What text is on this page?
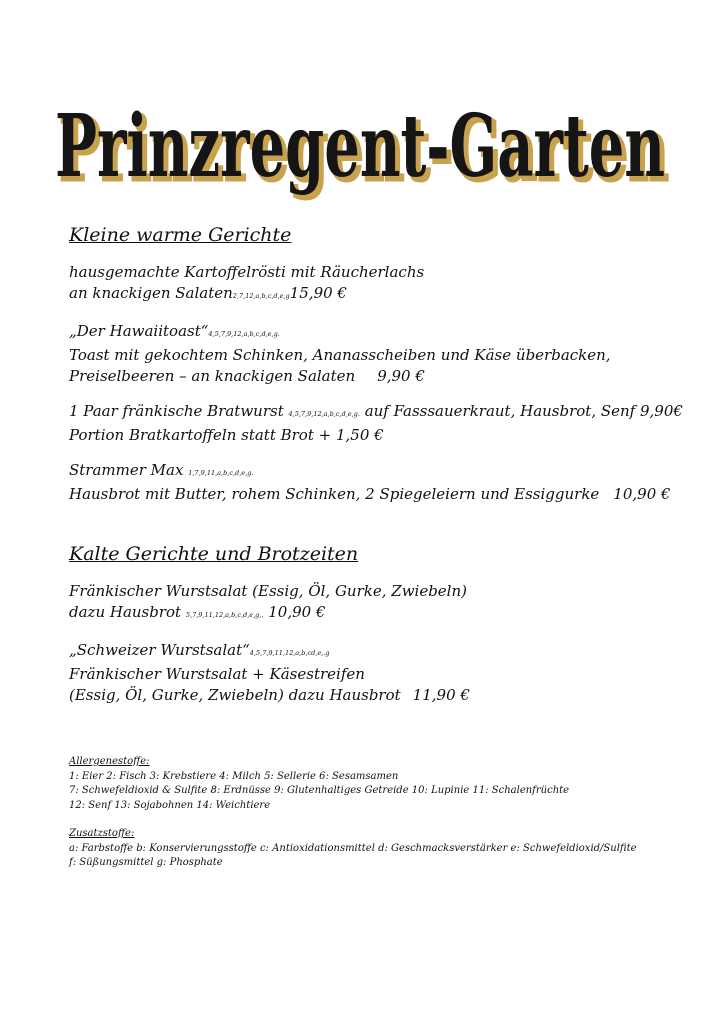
Prinzregent-Garten
Prinzregent-Garten
Kleine warme Gerichte
hausgemachte Kartoffelrösti mit Räucherlachs
an knackigen Salaten2,7,12,a,b,c,d,e,g15,90 €
„Der Hawaiitoast“4,5,7,9,12,a,b,c,d,e,g.
Toast mit gekochtem Schinken, Ananasscheiben und Käse überbacken,
Preiselbeeren – an knackigen Salaten 9,90 €
1 Paar fränkische Bratwurst 4,5,7,9,12,a,b,c,d,e,g. auf Fasssauerkraut, Hausbrot, Senf 9,90€
Portion Bratkartoffeln statt Brot + 1,50 €
Strammer Max 1,7,9,11,a,b,c,d,e,g.
Hausbrot mit Butter, rohem Schinken, 2 Spiegeleiern und Essiggurke 10,90 €
Kalte Gerichte und Brotzeiten
Fränkischer Wurstsalat (Essig, Öl, Gurke, Zwiebeln)
dazu Hausbrot 5,7,9,11,12,a,b,c,d,e,g,. 10,90 €
„Schweizer Wurstsalat“4,5,7,9,11,12,a,b,cd,e,.g
Fränkischer Wurstsalat + Käsestreifen
(Essig, Öl, Gurke, Zwiebeln) dazu Hausbrot 11,90 €
Allergenestoffe:
1: Eier 2: Fisch 3: Krebstiere 4: Milch 5: Sellerie 6: Sesamsamen
7: Schwefeldioxid & Sulfite 8: Erdnüsse 9: Glutenhaltiges Getreide 10: Lupinie 11: Schalenfrüchte
12: Senf 13: Sojabohnen 14: Weichtiere
Zusatzstoffe:
a: Farbstoffe b: Konservierungsstoffe c: Antioxidationsmittel d: Geschmacksverstärker e: Schwefeldioxid/Sulfite
f: Süßungsmittel g: Phosphate
